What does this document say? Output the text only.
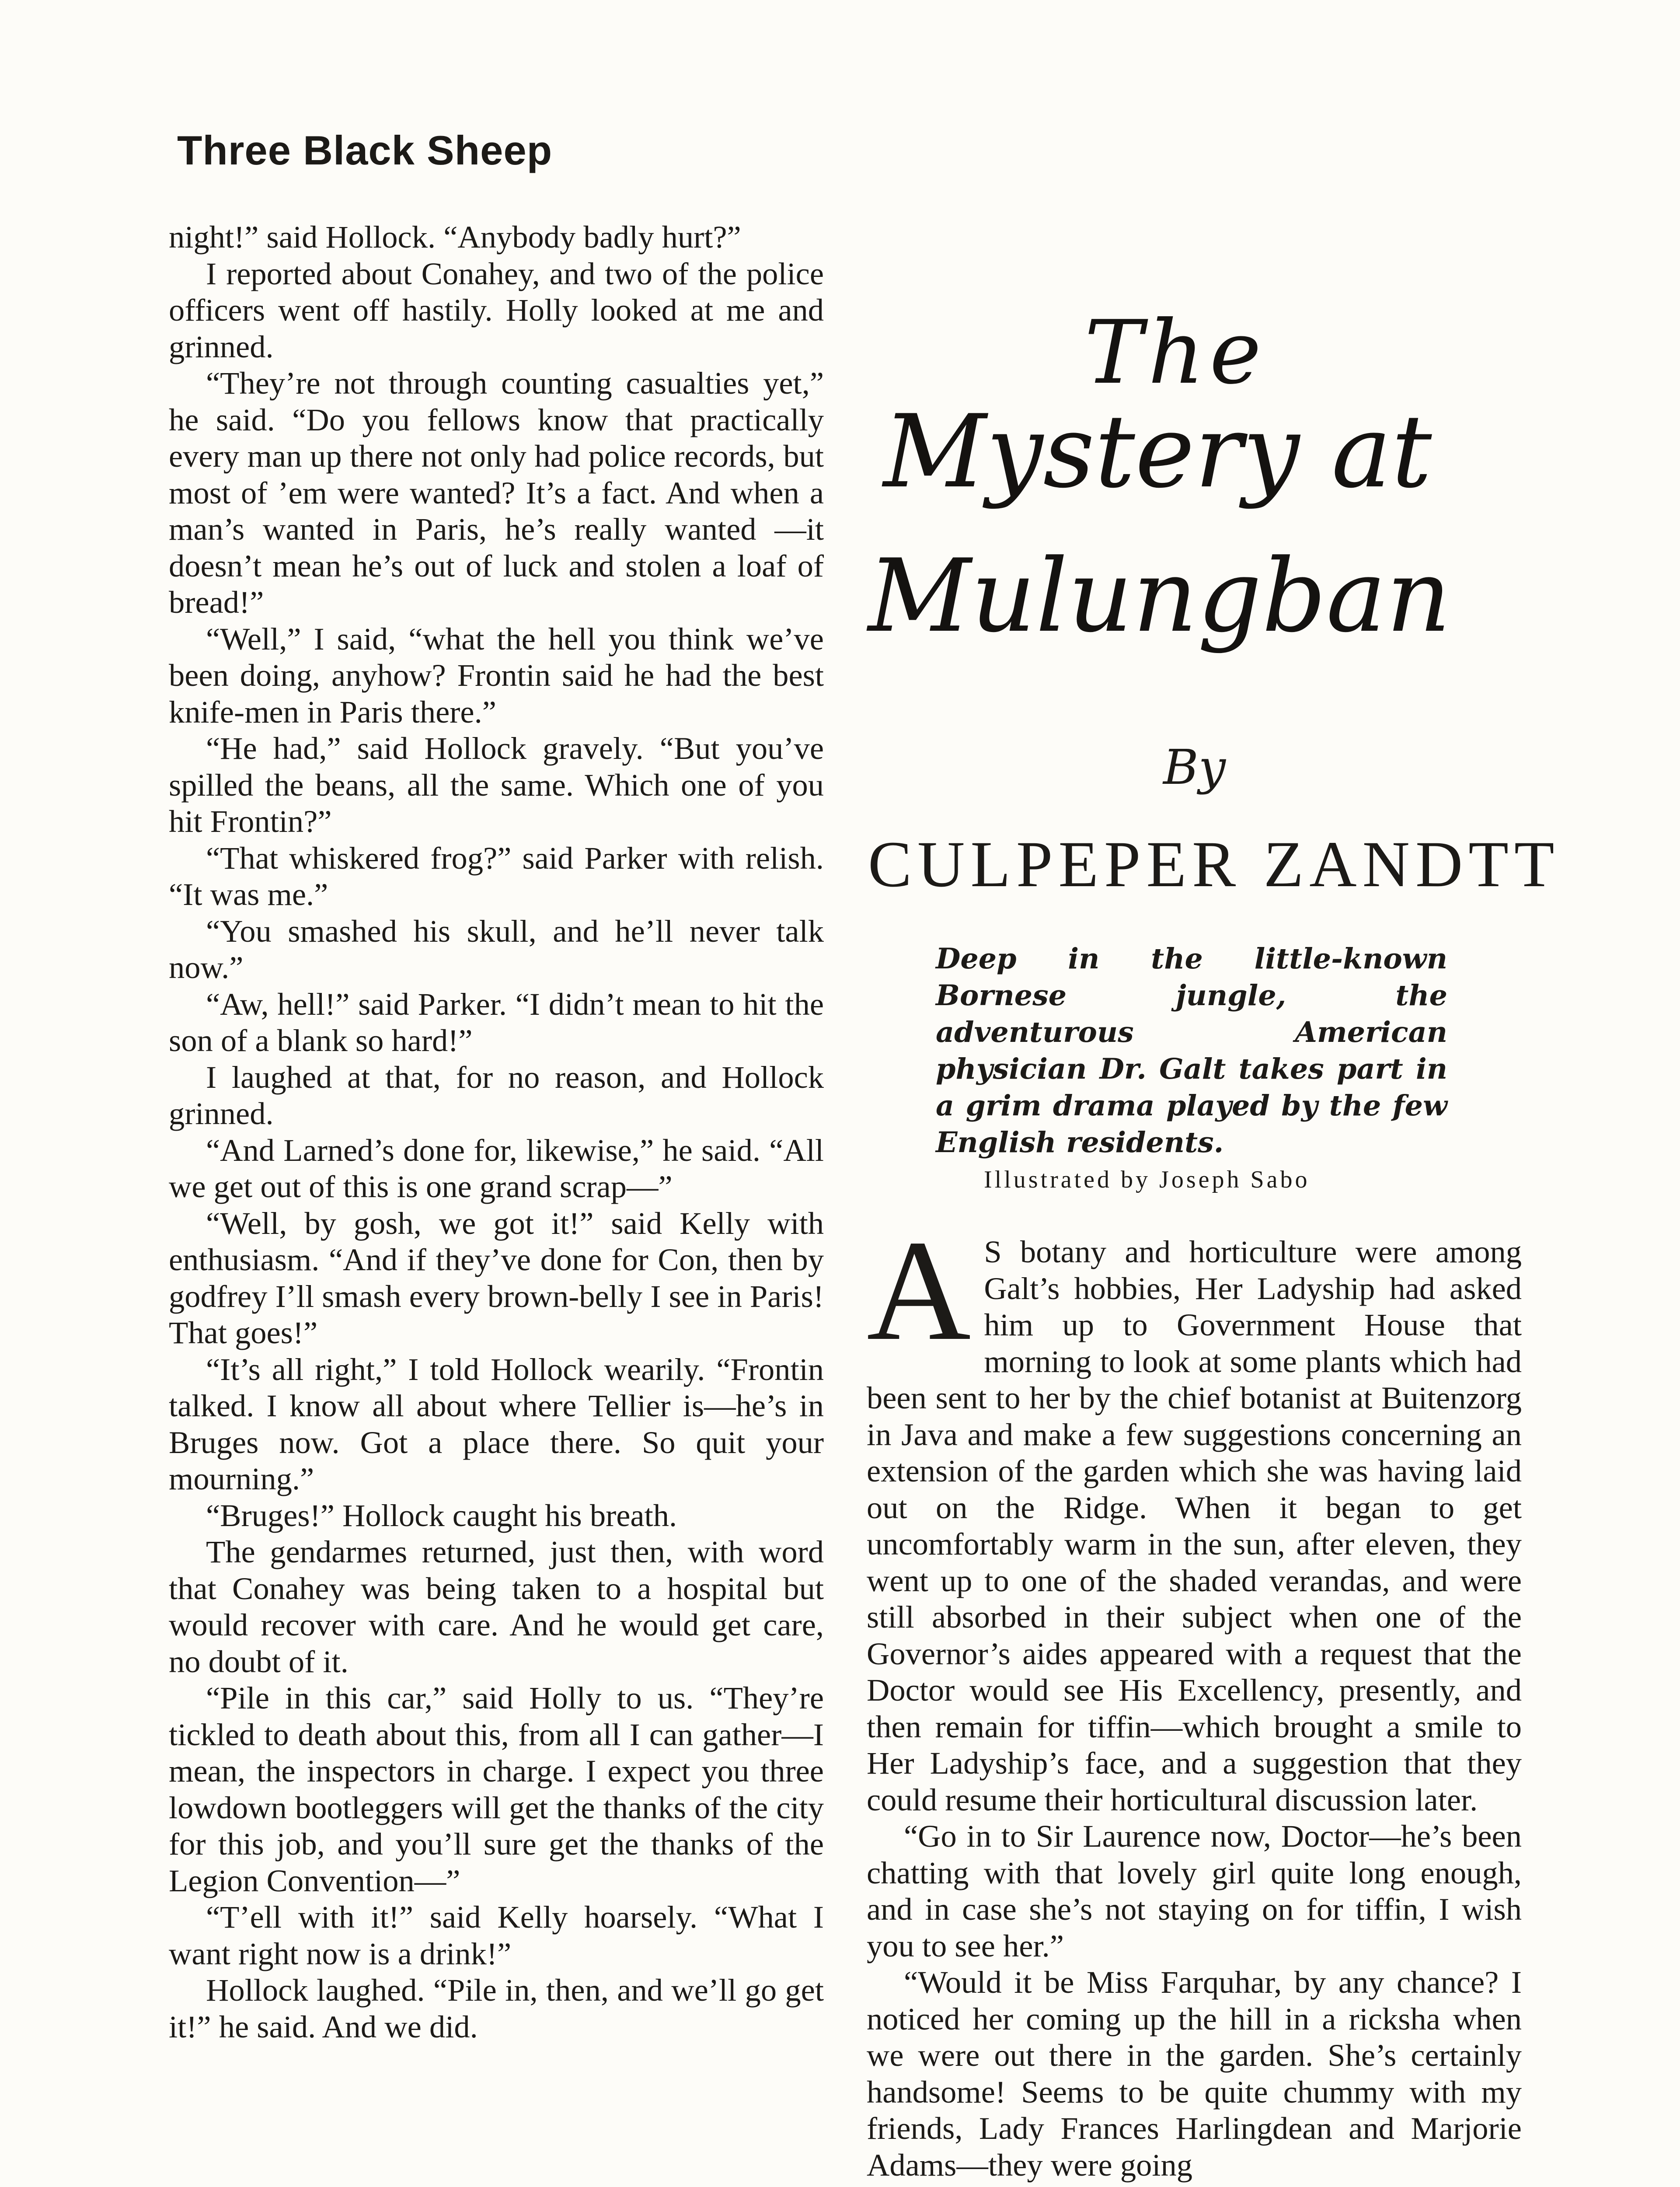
Three Black Sheep

night!” said Hollock. “Anybody badly hurt?”

I reported about Conahey, and two of the police officers went off hastily. Holly looked at me and grinned.

“They’re not through counting casualties yet,” he said. “Do you fellows know that practically every man up there not only had police records, but most of ’em were wanted? It’s a fact. And when a man’s wanted in Paris, he’s really wanted —it doesn’t mean he’s out of luck and stolen a loaf of bread!”

“Well,” I said, “what the hell you think we’ve been doing, anyhow? Frontin said he had the best knife-men in Paris there.”

“He had,” said Hollock gravely. “But you’ve spilled the beans, all the same. Which one of you hit Frontin?”

“That whiskered frog?” said Parker with relish. “It was me.”

“You smashed his skull, and he’ll never talk now.”

“Aw, hell!” said Parker. “I didn’t mean to hit the son of a blank so hard!”

I laughed at that, for no reason, and Hollock grinned.

“And Larned’s done for, likewise,” he said. “All we get out of this is one grand scrap—”

“Well, by gosh, we got it!” said Kelly with enthusiasm. “And if they’ve done for Con, then by godfrey I’ll smash every brown-belly I see in Paris! That goes!”

“It’s all right,” I told Hollock wearily. “Frontin talked. I know all about where Tellier is—he’s in Bruges now. Got a place there. So quit your mourning.”

“Bruges!” Hollock caught his breath.

The gendarmes returned, just then, with word that Conahey was being taken to a hospital but would recover with care. And he would get care, no doubt of it.

“Pile in this car,” said Holly to us. “They’re tickled to death about this, from all I can gather—I mean, the inspectors in charge. I expect you three lowdown bootleggers will get the thanks of the city for this job, and you’ll sure get the thanks of the Legion Convention—”

“T’ell with it!” said Kelly hoarsely. “What I want right now is a drink!”

Hollock laughed. “Pile in, then, and we’ll go get it!” he said. And we did.

The
Mystery at
Mulungban
By
CULPEPER ZANDTT
Deep in the little-known Bornese jungle, the adventurous American physician Dr. Galt takes part in a grim drama played by the few English residents.
Illustrated by Joseph Sabo

A S botany and horticulture were among Galt’s hobbies, Her Ladyship had asked him up to Government House that morning to look at some plants which had been sent to her by the chief botanist at Buitenzorg in Java and make a few suggestions concerning an extension of the garden which she was having laid out on the Ridge. When it began to get uncomfortably warm in the sun, after eleven, they went up to one of the shaded verandas, and were still absorbed in their subject when one of the Governor’s aides appeared with a request that the Doctor would see His Excellency, presently, and then remain for tiffin—which brought a smile to Her Ladyship’s face, and a suggestion that they could resume their horticultural discussion later.

“Go in to Sir Laurence now, Doctor—he’s been chatting with that lovely girl quite long enough, and in case she’s not staying on for tiffin, I wish you to see her.”

“Would it be Miss Farquhar, by any chance? I noticed her coming up the hill in a ricksha when we were out there in the garden. She’s certainly handsome! Seems to be quite chummy with my friends, Lady Frances Harlingdean and Marjorie Adams—they were going
